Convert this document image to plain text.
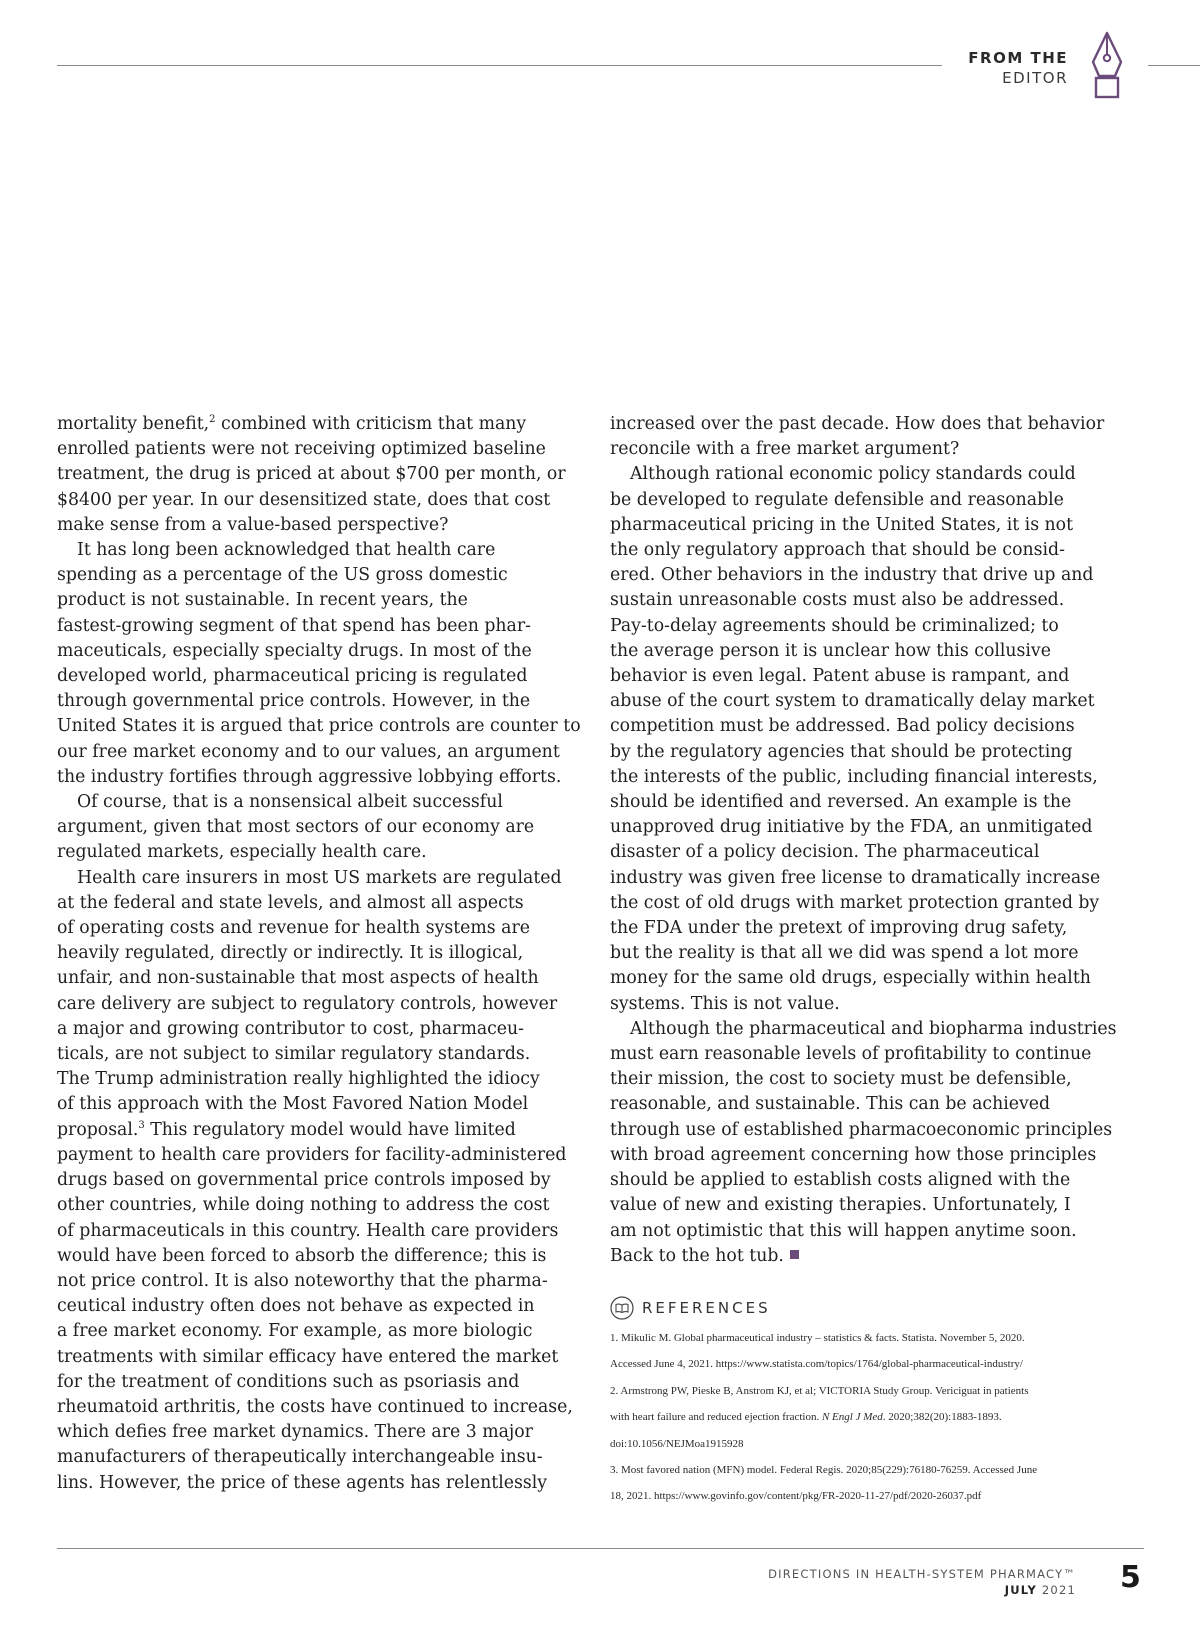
FROM THE
EDITOR

mortality benefit,$^2$ combined with criticism that many

enrolled patients were not receiving optimized baseline

treatment, the drug is priced at about $700 per month, or

$8400 per year. In our desensitized state, does that cost

make sense from a value-based perspective?

It has long been acknowledged that health care

spending as a percentage of the US gross domestic

product is not sustainable. In recent years, the

fastest-growing segment of that spend has been phar-

maceuticals, especially specialty drugs. In most of the

developed world, pharmaceutical pricing is regulated

through governmental price controls. However, in the

United States it is argued that price controls are counter to

our free market economy and to our values, an argument

the industry fortifies through aggressive lobbying efforts.

Of course, that is a nonsensical albeit successful

argument, given that most sectors of our economy are

regulated markets, especially health care.

Health care insurers in most US markets are regulated

at the federal and state levels, and almost all aspects

of operating costs and revenue for health systems are

heavily regulated, directly or indirectly. It is illogical,

unfair, and non-sustainable that most aspects of health

care delivery are subject to regulatory controls, however

a major and growing contributor to cost, pharmaceu-

ticals, are not subject to similar regulatory standards.

The Trump administration really highlighted the idiocy

of this approach with the Most Favored Nation Model

proposal.$^3$ This regulatory model would have limited

payment to health care providers for facility-administered

drugs based on governmental price controls imposed by

other countries, while doing nothing to address the cost

of pharmaceuticals in this country. Health care providers

would have been forced to absorb the difference; this is

not price control. It is also noteworthy that the pharma-

ceutical industry often does not behave as expected in

a free market economy. For example, as more biologic

treatments with similar efficacy have entered the market

for the treatment of conditions such as psoriasis and

rheumatoid arthritis, the costs have continued to increase,

which defies free market dynamics. There are 3 major

manufacturers of therapeutically interchangeable insu-

lins. However, the price of these agents has relentlessly

increased over the past decade. How does that behavior

reconcile with a free market argument?

Although rational economic policy standards could

be developed to regulate defensible and reasonable

pharmaceutical pricing in the United States, it is not

the only regulatory approach that should be consid-

ered. Other behaviors in the industry that drive up and

sustain unreasonable costs must also be addressed.

Pay-to-delay agreements should be criminalized; to

the average person it is unclear how this collusive

behavior is even legal. Patent abuse is rampant, and

abuse of the court system to dramatically delay market

competition must be addressed. Bad policy decisions

by the regulatory agencies that should be protecting

the interests of the public, including financial interests,

should be identified and reversed. An example is the

unapproved drug initiative by the FDA, an unmitigated

disaster of a policy decision. The pharmaceutical

industry was given free license to dramatically increase

the cost of old drugs with market protection granted by

the FDA under the pretext of improving drug safety,

but the reality is that all we did was spend a lot more

money for the same old drugs, especially within health

systems. This is not value.

Although the pharmaceutical and biopharma industries

must earn reasonable levels of profitability to continue

their mission, the cost to society must be defensible,

reasonable, and sustainable. This can be achieved

through use of established pharmacoeconomic principles

with broad agreement concerning how those principles

should be applied to establish costs aligned with the

value of new and existing therapies. Unfortunately, I

am not optimistic that this will happen anytime soon.

Back to the hot tub.

REFERENCES
1. Mikulic M. Global pharmaceutical industry – statistics & facts. Statista. November 5, 2020.
Accessed June 4, 2021. https://www.statista.com/topics/1764/global-pharmaceutical-industry/
2. Armstrong PW, Pieske B, Anstrom KJ, et al; VICTORIA Study Group. Vericiguat in patients
with heart failure and reduced ejection fraction. N Engl J Med. 2020;382(20):1883-1893.
doi:10.1056/NEJMoa1915928
3. Most favored nation (MFN) model. Federal Regis. 2020;85(229):76180-76259. Accessed June
18, 2021. https://www.govinfo.gov/content/pkg/FR-2020-11-27/pdf/2020-26037.pdf
DIRECTIONS IN HEALTH-SYSTEM PHARMACY™
JULY 2021 5
